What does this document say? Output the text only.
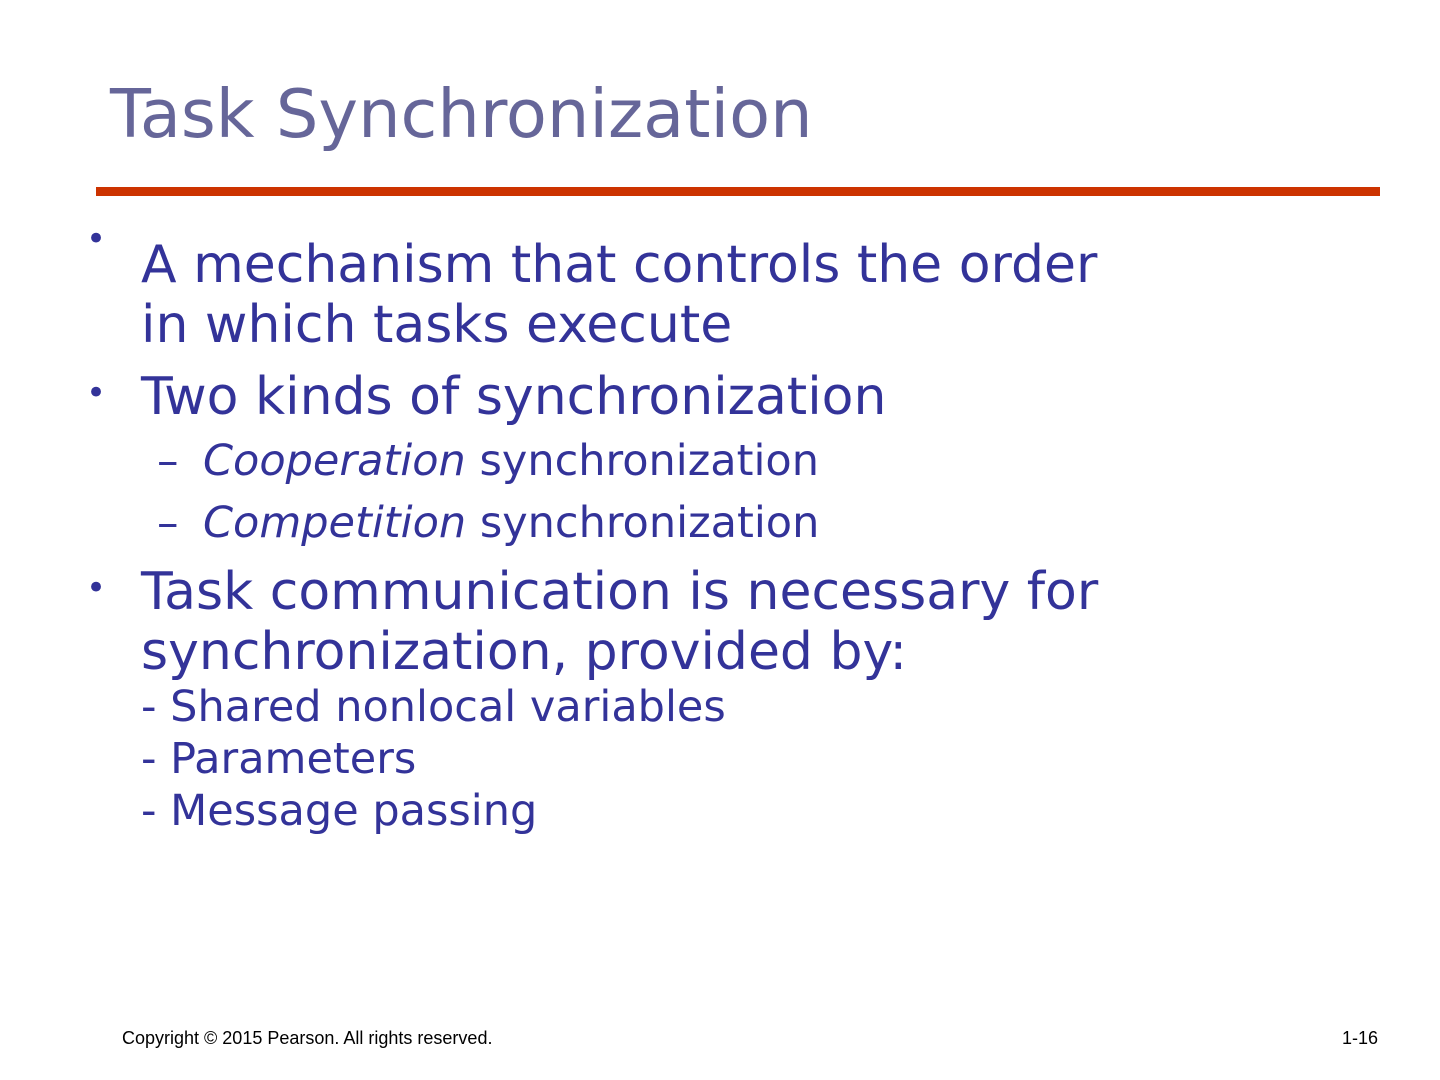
Task Synchronization
• A mechanism that controls the order

in which tasks execute

• Two kinds of synchronization

– Cooperation synchronization

– Competition synchronization

• Task communication is necessary for

synchronization, provided by:

- Shared nonlocal variables

- Parameters

- Message passing

Copyright © 2015 Pearson. All rights reserved.	1-16
